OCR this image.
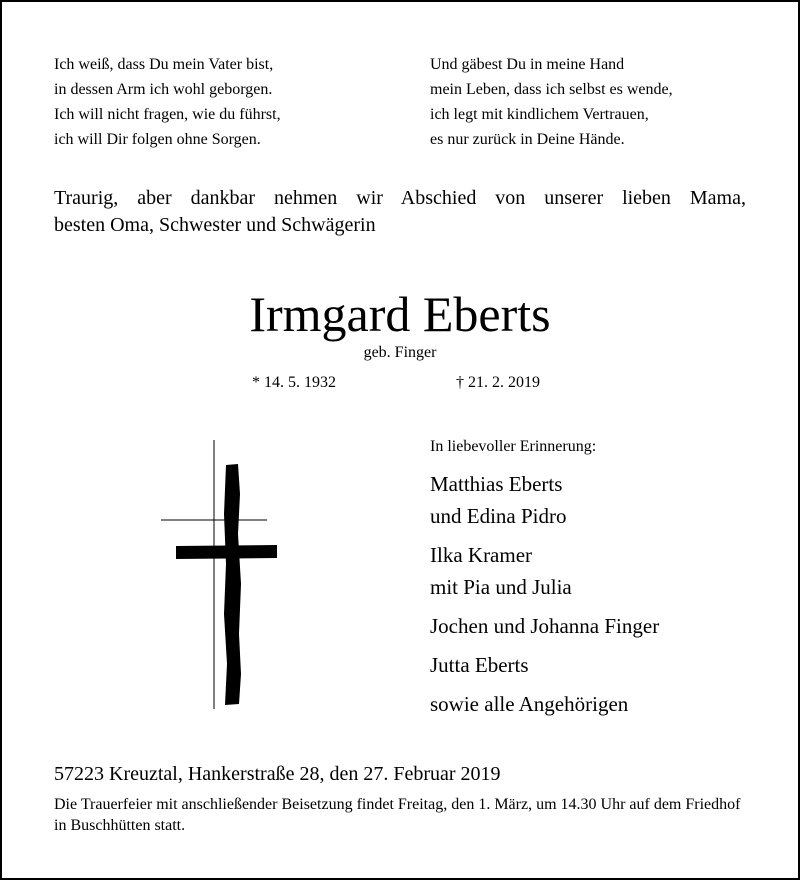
Ich weiß, dass Du mein Vater bist,
in dessen Arm ich wohl geborgen.
Ich will nicht fragen, wie du führst,
ich will Dir folgen ohne Sorgen.
Und gäbest Du in meine Hand
mein Leben, dass ich selbst es wende,
ich legt mit kindlichem Vertrauen,
es nur zurück in Deine Hände.
Traurig, aber dankbar nehmen wir Abschied von unserer lieben Mama,
besten Oma, Schwester und Schwägerin
Irmgard Eberts
geb. Finger
* 14. 5. 1932	† 21. 2. 2019
In liebevoller Erinnerung:
Matthias Eberts
und Edina Pidro
Ilka Kramer
mit Pia und Julia
Jochen und Johanna Finger
Jutta Eberts
sowie alle Angehörigen
57223 Kreuztal, Hankerstraße 28, den 27. Februar 2019
Die Trauerfeier mit anschließender Beisetzung findet Freitag, den 1. März, um 14.30 Uhr auf dem Friedhof in Buschhütten statt.
